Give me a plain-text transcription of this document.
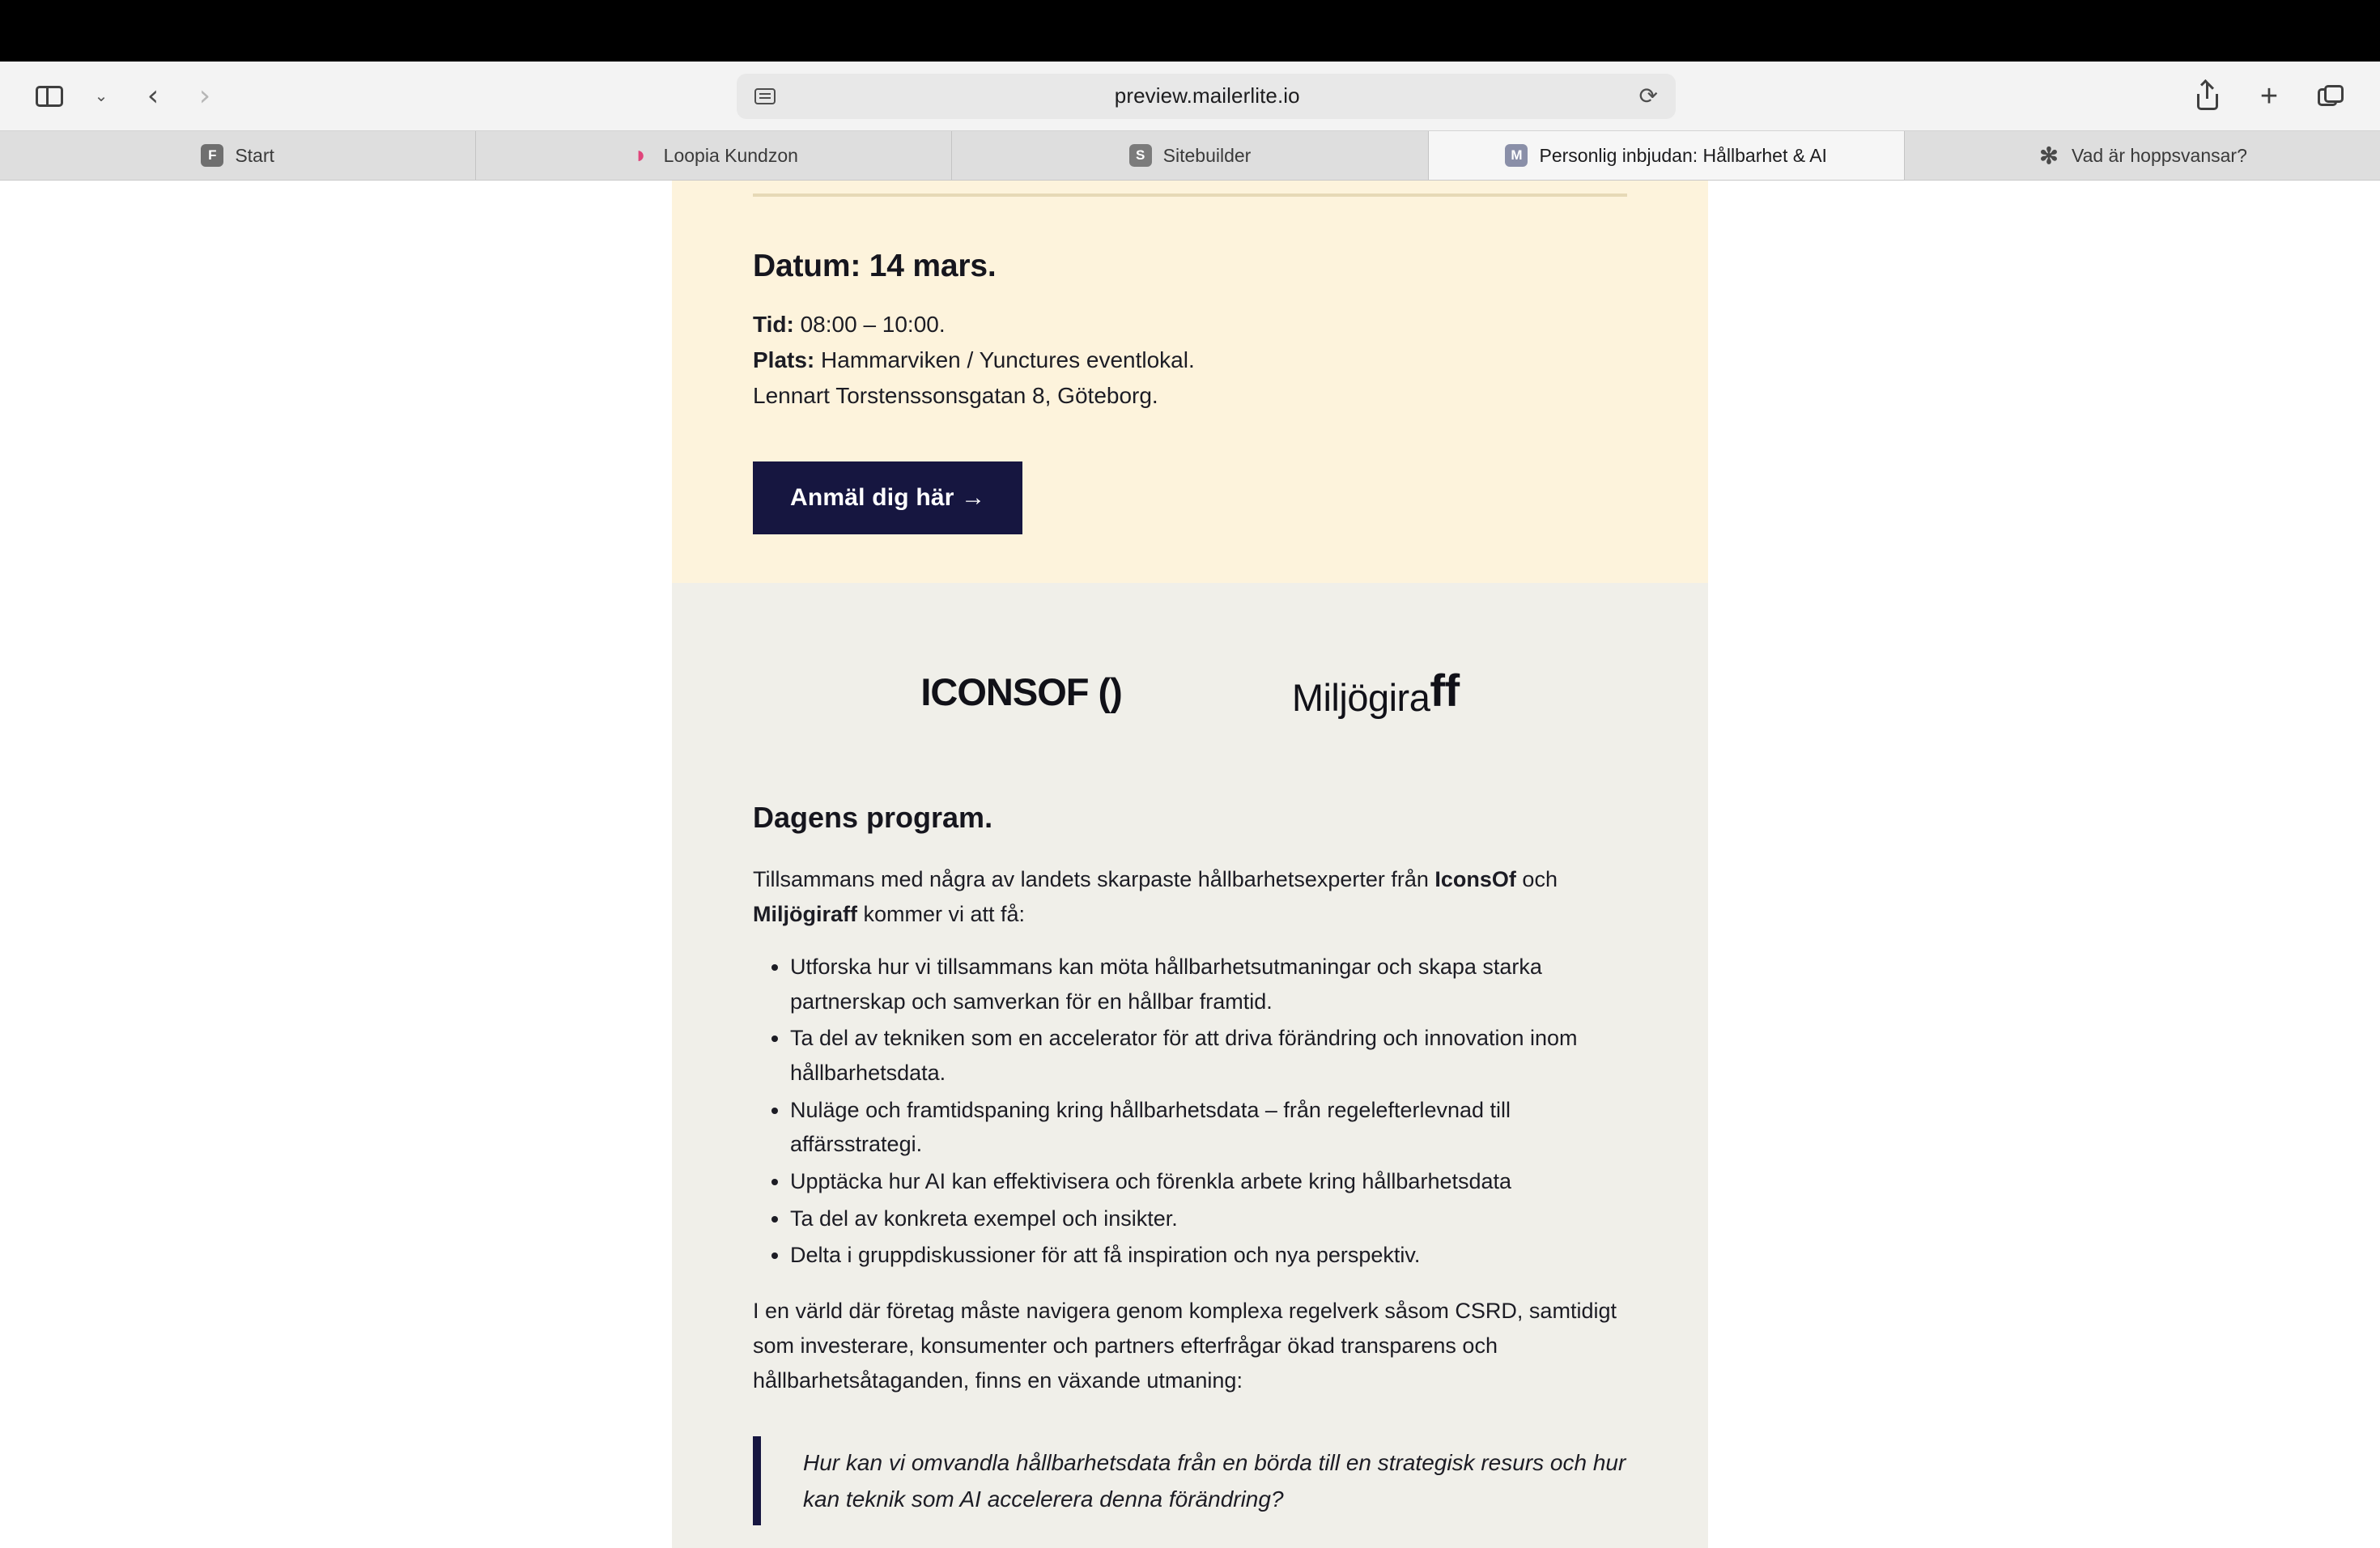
⌄ ‹ ›	preview.mailerlite.io	⟳	+
F Start	◗ Loopia Kundzon	S Sitebuilder	M Personlig inbjudan: Hållbarhet & AI	✻ Vad är hoppsvansar?
Datum: 14 mars.

Tid: 08:00 – 10:00.

Plats: Hammarviken / Yunctures eventlokal.

Lennart Torstenssonsgatan 8, Göteborg.

Anmäl dig här →
ICONSOF ()	Miljögiraff
Dagens program.

Tillsammans med några av landets skarpaste hållbarhetsexperter från IconsOf och Miljögiraff kommer vi att få:

• Utforska hur vi tillsammans kan möta hållbarhetsutmaningar och skapa starka partnerskap och samverkan för en hållbar framtid.
• Ta del av tekniken som en accelerator för att driva förändring och innovation inom hållbarhetsdata.
• Nuläge och framtidspaning kring hållbarhetsdata – från regelefterlevnad till affärsstrategi.
• Upptäcka hur AI kan effektivisera och förenkla arbete kring hållbarhetsdata
• Ta del av konkreta exempel och insikter.
• Delta i gruppdiskussioner för att få inspiration och nya perspektiv.

I en värld där företag måste navigera genom komplexa regelverk såsom CSRD, samtidigt som investerare, konsumenter och partners efterfrågar ökad transparens och hållbarhetsåtaganden, finns en växande utmaning:

Hur kan vi omvandla hållbarhetsdata från en börda till en strategisk resurs och hur kan teknik som AI accelerera denna förändring?
